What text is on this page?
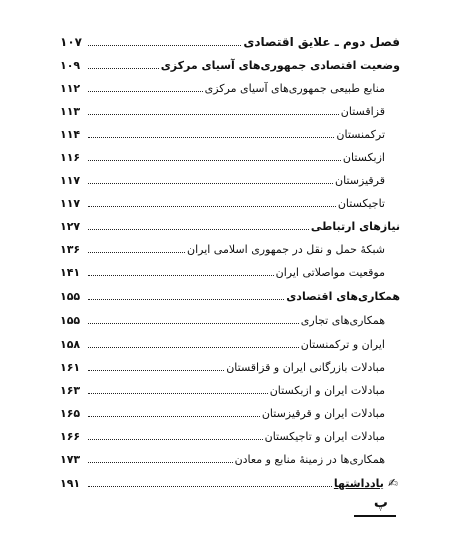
فصل دوم ـ علایق اقتصادی
۱۰۷
وضعیت اقتصادی جمهوری‌های آسیای مرکزی
۱۰۹
منابع طبیعی جمهوری‌های آسیای مرکزی
۱۱۲
قزاقستان
۱۱۳
ترکمنستان
۱۱۴
ازبکستان
۱۱۶
قرقیزستان
۱۱۷
تاجیکستان
۱۱۷
نیازهای ارتباطی
۱۲۷
شبکهٔ حمل و نقل در جمهوری اسلامی ایران
۱۳۶
موقعیت مواصلاتی ایران
۱۴۱
همکاری‌های اقتصادی
۱۵۵
همکاری‌های تجاری
۱۵۵
ایران و ترکمنستان
۱۵۸
مبادلات بازرگانی ایران و قزاقستان
۱۶۱
مبادلات ایران و ازبکستان
۱۶۳
مبادلات ایران و قرقیزستان
۱۶۵
مبادلات ایران و تاجیکستان
۱۶۶
همکاری‌ها در زمینهٔ منابع و معادن
۱۷۳
✍
یادداشتها
۱۹۱
پ
